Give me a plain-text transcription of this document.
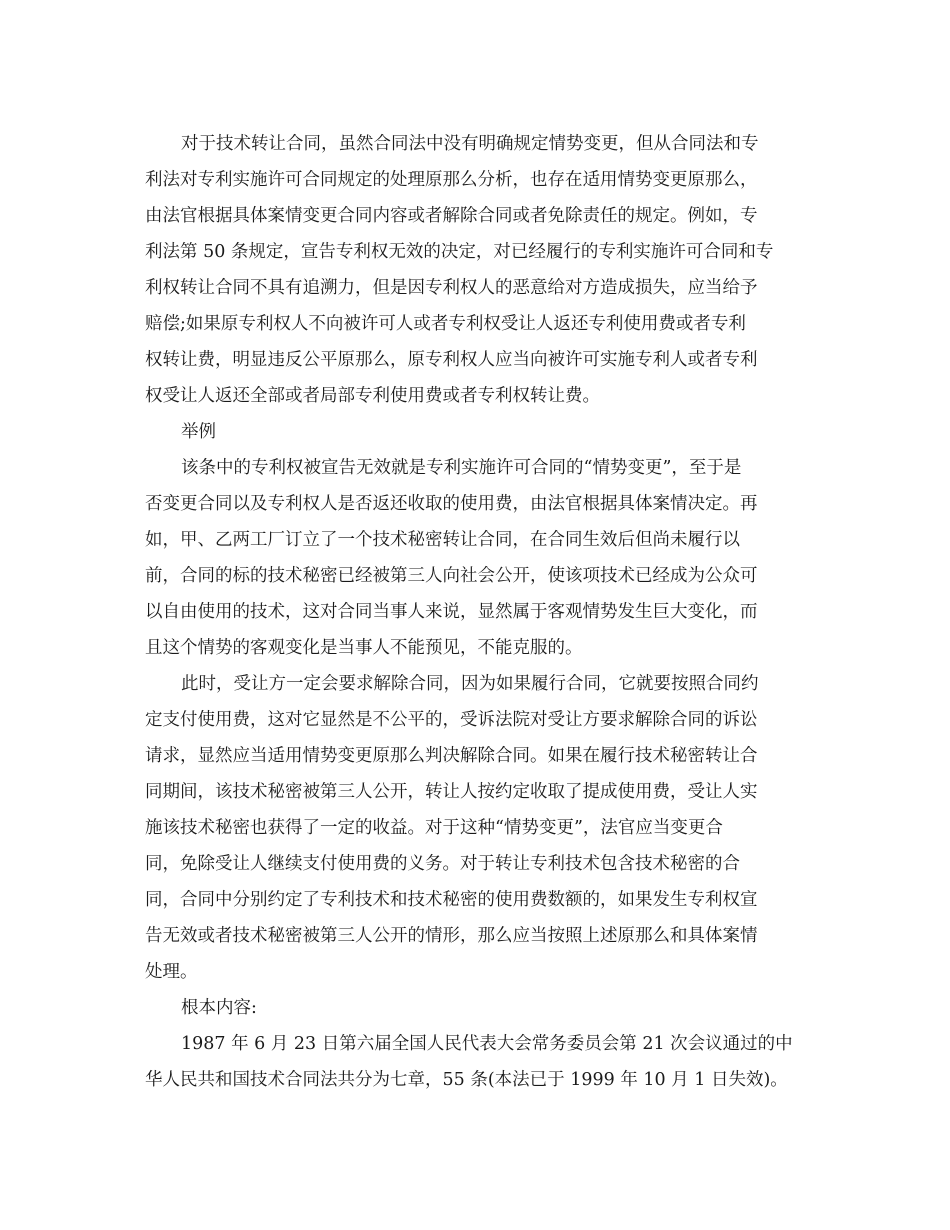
对于技术转让合同，虽然合同法中没有明确规定情势变更，但从合同法和专
利法对专利实施许可合同规定的处理原那么分析，也存在适用情势变更原那么，
由法官根据具体案情变更合同内容或者解除合同或者免除责任的规定。例如，专
利法第 50 条规定，宣告专利权无效的决定，对已经履行的专利实施许可合同和专
利权转让合同不具有追溯力，但是因专利权人的恶意给对方造成损失，应当给予
赔偿;如果原专利权人不向被许可人或者专利权受让人返还专利使用费或者专利
权转让费，明显违反公平原那么，原专利权人应当向被许可实施专利人或者专利
权受让人返还全部或者局部专利使用费或者专利权转让费。
举例
该条中的专利权被宣告无效就是专利实施许可合同的“情势变更”，至于是
否变更合同以及专利权人是否返还收取的使用费，由法官根据具体案情决定。再
如，甲、乙两工厂订立了一个技术秘密转让合同，在合同生效后但尚未履行以
前，合同的标的技术秘密已经被第三人向社会公开，使该项技术已经成为公众可
以自由使用的技术，这对合同当事人来说，显然属于客观情势发生巨大变化，而
且这个情势的客观变化是当事人不能预见，不能克服的。
此时，受让方一定会要求解除合同，因为如果履行合同，它就要按照合同约
定支付使用费，这对它显然是不公平的，受诉法院对受让方要求解除合同的诉讼
请求，显然应当适用情势变更原那么判决解除合同。如果在履行技术秘密转让合
同期间，该技术秘密被第三人公开，转让人按约定收取了提成使用费，受让人实
施该技术秘密也获得了一定的收益。对于这种“情势变更”，法官应当变更合
同，免除受让人继续支付使用费的义务。对于转让专利技术包含技术秘密的合
同，合同中分别约定了专利技术和技术秘密的使用费数额的，如果发生专利权宣
告无效或者技术秘密被第三人公开的情形，那么应当按照上述原那么和具体案情
处理。
根本内容:
1987 年 6 月 23 日第六届全国人民代表大会常务委员会第 21 次会议通过的中
华人民共和国技术合同法共分为七章，55 条(本法已于 1999 年 10 月 1 日失效)。
